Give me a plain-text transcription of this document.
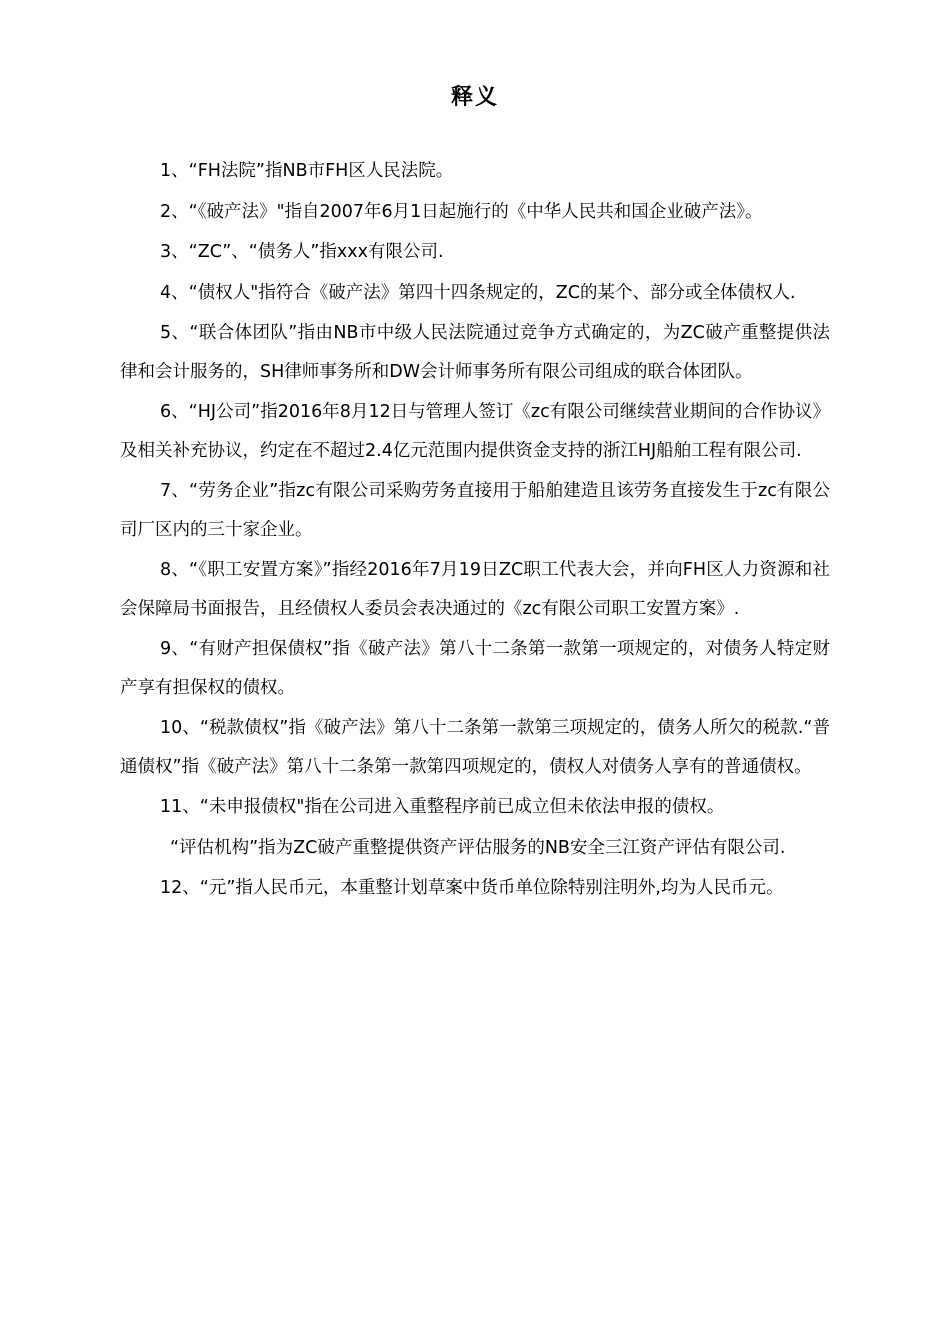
释义

1、“FH法院”指NB市FH区人民法院。

2、“《破产法》"指自2007年6月1日起施行的《中华人民共和国企业破产法》。

3、“ZC”、“债务人”指xxx有限公司.

4、“债权人"指符合《破产法》第四十四条规定的，ZC的某个、部分或全体债权人.

5、“联合体团队”指由NB市中级人民法院通过竞争方式确定的，为ZC破产重整提供法律和会计服务的，SH律师事务所和DW会计师事务所有限公司组成的联合体团队。

6、“HJ公司”指2016年8月12日与管理人签订《zc有限公司继续营业期间的合作协议》及相关补充协议，约定在不超过2.4亿元范围内提供资金支持的浙江HJ船舶工程有限公司.

7、“劳务企业”指zc有限公司采购劳务直接用于船舶建造且该劳务直接发生于zc有限公司厂区内的三十家企业。

8、“《职工安置方案》”指经2016年7月19日ZC职工代表大会，并向FH区人力资源和社会保障局书面报告，且经债权人委员会表决通过的《zc有限公司职工安置方案》.

9、“有财产担保债权”指《破产法》第八十二条第一款第一项规定的，对债务人特定财产享有担保权的债权。

10、“税款债权”指《破产法》第八十二条第一款第三项规定的，债务人所欠的税款.“普通债权”指《破产法》第八十二条第一款第四项规定的，债权人对债务人享有的普通债权。

11、“未申报债权"指在公司进入重整程序前已成立但未依法申报的债权。

“评估机构”指为ZC破产重整提供资产评估服务的NB安全三江资产评估有限公司.

12、“元”指人民币元，本重整计划草案中货币单位除特别注明外,均为人民币元。
